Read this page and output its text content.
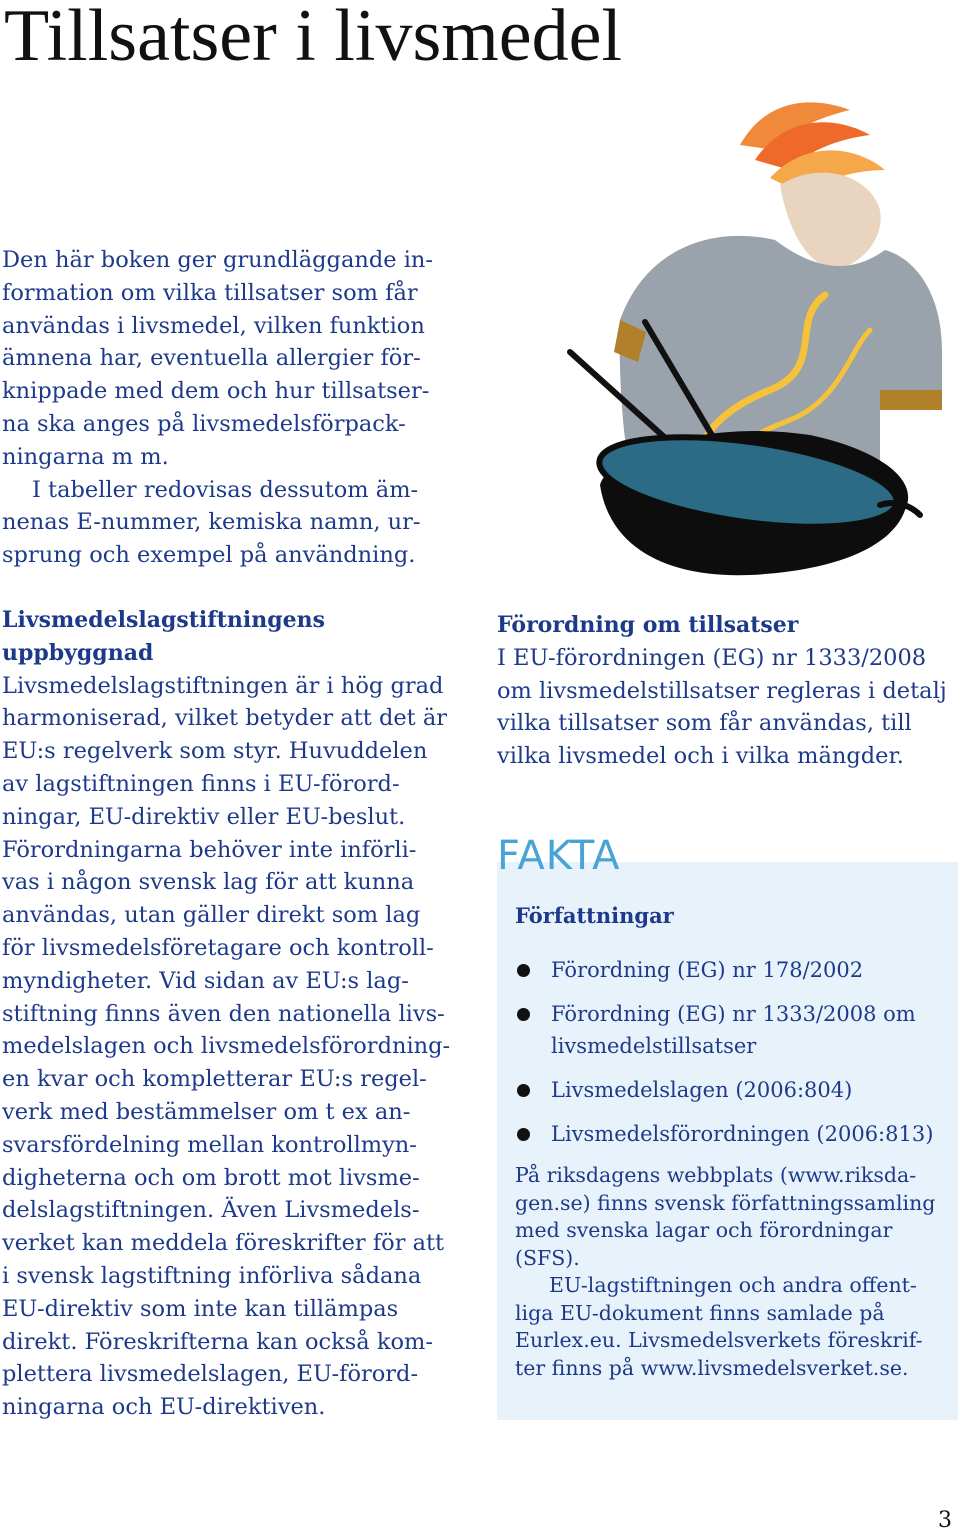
Tillsatser i livsmedel

Den här boken ger grundläggande in-
formation om vilka tillsatser som får
användas i livsmedel, vilken funktion
ämnena har, eventuella allergier för-
knippade med dem och hur tillsatser-
na ska anges på livsmedelsförpack-
ningarna m m.

I tabeller redovisas dessutom äm-
nenas E-nummer, kemiska namn, ur-
sprung och exempel på användning.

Livsmedelslagstiftningens uppbyggnad

Livsmedelslagstiftningen är i hög grad
harmoniserad, vilket betyder att det är
EU:s regelverk som styr. Huvuddelen
av lagstiftningen finns i EU-förord-
ningar, EU-direktiv eller EU-beslut.
Förordningarna behöver inte införli-
vas i någon svensk lag för att kunna
användas, utan gäller direkt som lag
för livsmedelsföretagare och kontroll-
myndigheter. Vid sidan av EU:s lag-
stiftning finns även den nationella livs-
medelslagen och livsmedelsförordning-
en kvar och kompletterar EU:s regel-
verk med bestämmelser om t ex an-
svarsfördelning mellan kontrollmyn-
digheterna och om brott mot livsme-
delslagstiftningen. Även Livsmedels-
verket kan meddela föreskrifter för att
i svensk lagstiftning införliva sådana
EU-direktiv som inte kan tillämpas
direkt. Föreskrifterna kan också kom-
plettera livsmedelslagen, EU-förord-
ningarna och EU-direktiven.

Förordning om tillsatser

I EU-förordningen (EG) nr 1333/2008
om livsmedelstillsatser regleras i detalj
vilka tillsatser som får användas, till
vilka livsmedel och i vilka mängder.

FAKTA
Författningar
Förordning (EG) nr 178/2002
Förordning (EG) nr 1333/2008 om
livsmedelstillsatser
Livsmedelslagen (2006:804)
Livsmedelsförordningen (2006:813)

På riksdagens webbplats (www.riksda-
gen.se) finns svensk författningssamling
med svenska lagar och förordningar
(SFS).

EU-lagstiftningen och andra offent-
liga EU-dokument finns samlade på
Eurlex.eu. Livsmedelsverkets föreskrif-
ter finns på www.livsmedelsverket.se.

3
